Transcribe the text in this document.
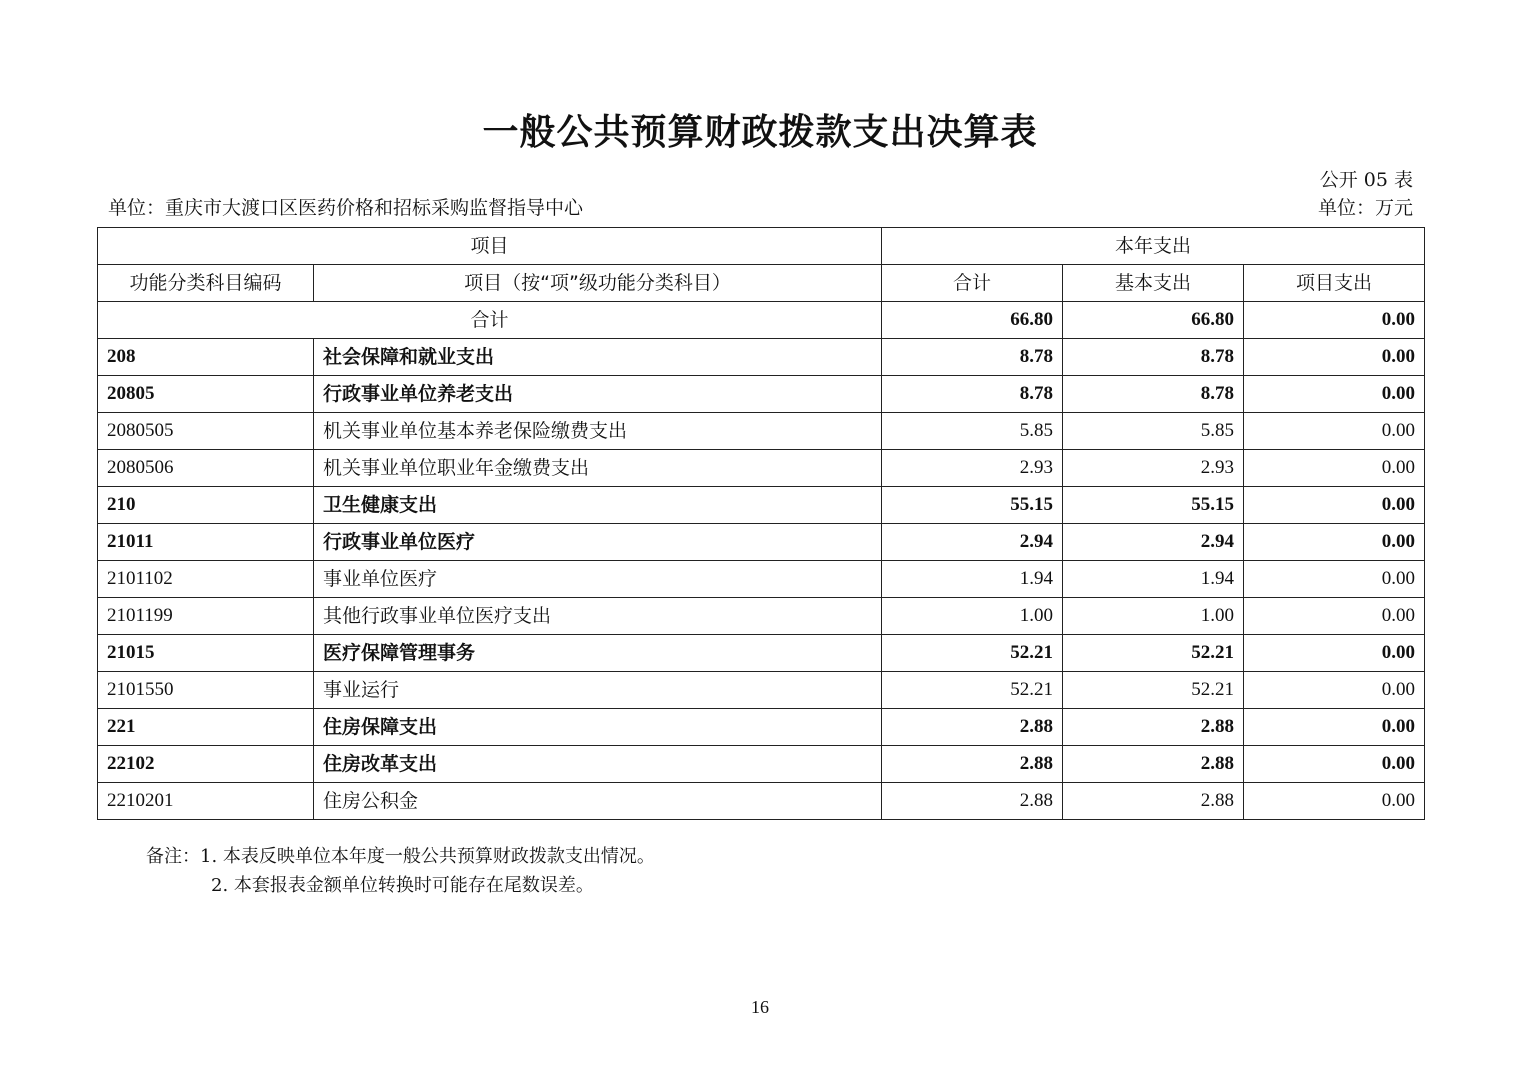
一般公共预算财政拨款支出决算表
公开 05 表
单位：重庆市大渡口区医药价格和招标采购监督指导中心	单位：万元
项目		本年支出		
功能分类科目编码	项目（按“项”级功能分类科目）	合计	基本支出	项目支出
合计		66.80	66.80	0.00
208	社会保障和就业支出	8.78	8.78	0.00
20805	行政事业单位养老支出	8.78	8.78	0.00
2080505	机关事业单位基本养老保险缴费支出	5.85	5.85	0.00
2080506	机关事业单位职业年金缴费支出	2.93	2.93	0.00
210	卫生健康支出	55.15	55.15	0.00
21011	行政事业单位医疗	2.94	2.94	0.00
2101102	事业单位医疗	1.94	1.94	0.00
2101199	其他行政事业单位医疗支出	1.00	1.00	0.00
21015	医疗保障管理事务	52.21	52.21	0.00
2101550	事业运行	52.21	52.21	0.00
221	住房保障支出	2.88	2.88	0.00
22102	住房改革支出	2.88	2.88	0.00
2210201	住房公积金	2.88	2.88	0.00
备注：1. 本表反映单位本年度一般公共预算财政拨款支出情况。
2. 本套报表金额单位转换时可能存在尾数误差。
16
